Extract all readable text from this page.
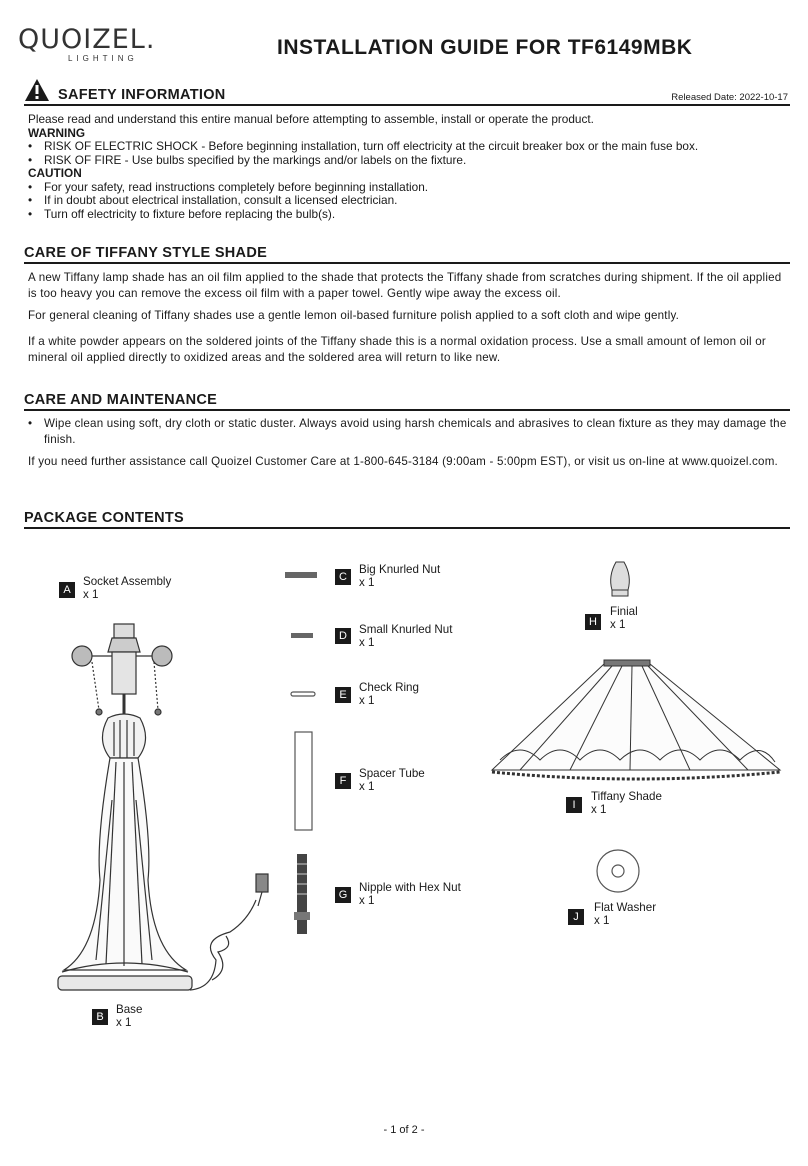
QUOIZEL.
LIGHTING	INSTALLATION GUIDE FOR TF6149MBK
SAFETY INFORMATION	Released Date: 2022-10-17
Please read and understand this entire manual before attempting to assemble, install or operate the product.
WARNING
• RISK OF ELECTRIC SHOCK - Before beginning installation, turn off electricity at the circuit breaker box or the main fuse box.
• RISK OF FIRE - Use bulbs specified by the markings and/or labels on the fixture.
CAUTION
• For your safety, read instructions completely before beginning installation.
• If in doubt about electrical installation, consult a licensed electrician.
• Turn off electricity to fixture before replacing the bulb(s).
CARE OF TIFFANY STYLE SHADE
A new Tiffany lamp shade has an oil film applied to the shade that protects the Tiffany shade from scratches during shipment. If the oil applied is too heavy you can remove the excess oil film with a paper towel. Gently wipe away the excess oil.
For general cleaning of Tiffany shades use a gentle lemon oil-based furniture polish applied to a soft cloth and wipe gently.
If a white powder appears on the soldered joints of the Tiffany shade this is a normal oxidation process. Use a small amount of lemon oil or mineral oil applied directly to oxidized areas and the soldered area will return to like new.
CARE AND MAINTENANCE
• Wipe clean using soft, dry cloth or static duster. Always avoid using harsh chemicals and abrasives to clean fixture as they may damage the finish.
If you need further assistance call Quoizel Customer Care at 1-800-645-3184 (9:00am - 5:00pm EST), or visit us on-line at www.quoizel.com.
PACKAGE CONTENTS
A
Socket Assembly
x 1
B
Base
x 1
C
Big Knurled Nut
x 1
D	Small Knurled Nut
x 1
E
Check Ring
x 1
F
Spacer Tube
x 1
G
Nipple with Hex Nut
x 1
H
Finial
x 1
I
Tiffany Shade
x 1
J
Flat Washer
x 1
- 1 of 2 -
